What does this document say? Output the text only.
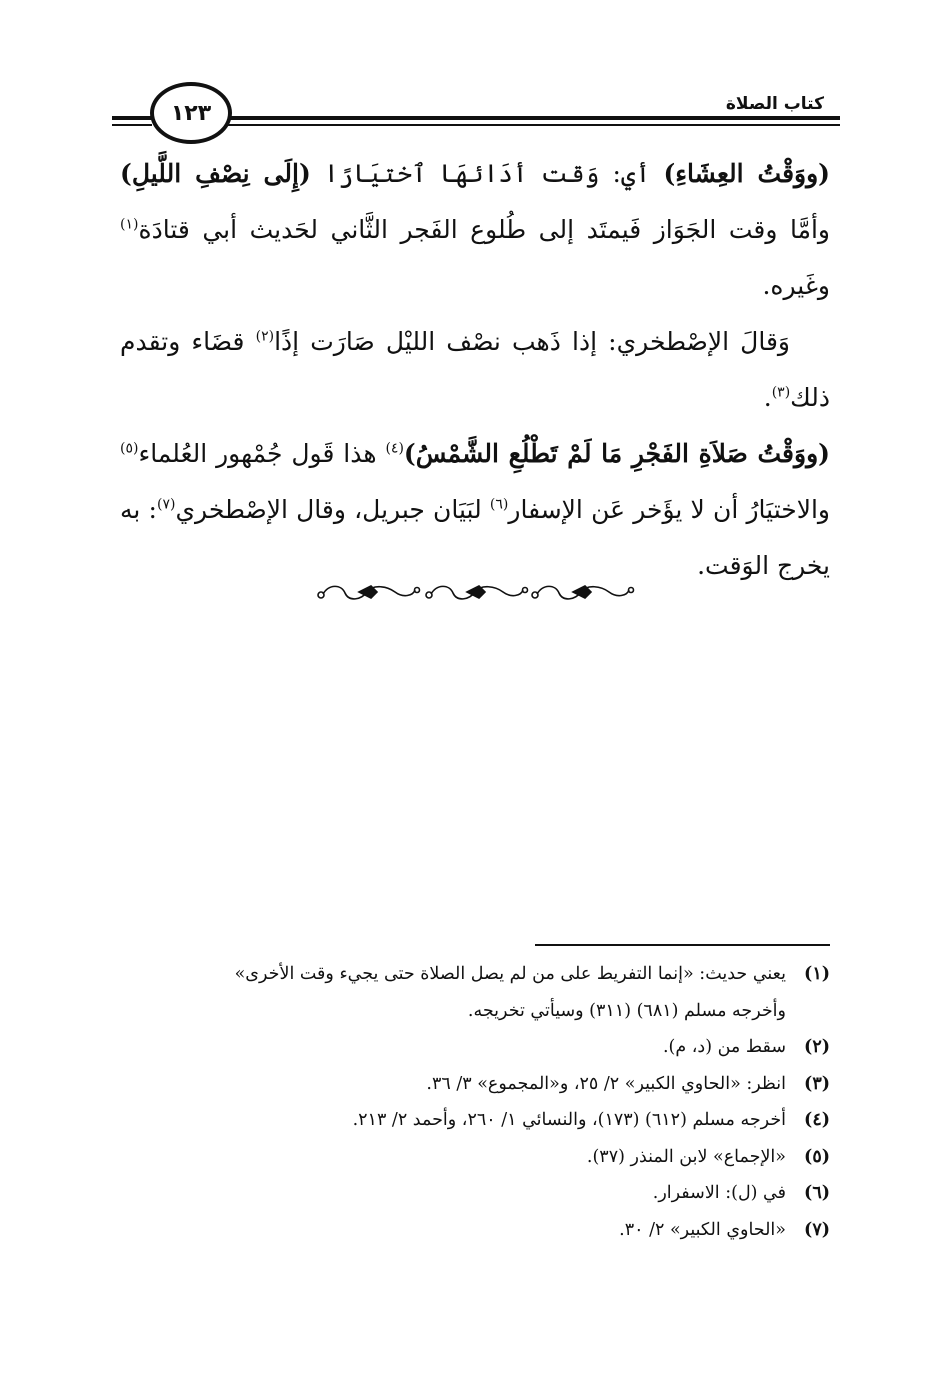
كتاب الصلاة
١٢٣

(ووَقْتُ العِشَاءِ) أي: وَقت أدَائهَا ٱختيَارًا (إِلَى نِصْفِ اللَّيلِ) وأمَّا وقت الجَوَاز فَيمتَد إلى طُلوع الفَجر الثَّاني لحَديث أبي قتادَة$^{(١)}$ وغَيره.

وَقالَ الإصْطخري: إذا ذَهب نصْف الليْل صَارَت إذًا$^{(٢)}$ قضَاء وتقدم ذلك$^{(٣)}$.

(ووَقْتُ صَلاَةِ الفَجْرِ مَا لَمْ تَطْلُعِ الشَّمْسُ)$^{(٤)}$ هذا قَول جُمْهور العُلماء$^{(٥)}$ والاختيَارُ أن لا يؤَخر عَن الإسفار$^{(٦)}$ لبَيَان جبريل، وقال الإصْطخري$^{(٧)}$: به يخرج الوَقت.

(١)
يعني حديث: «إنما التفريط على من لم يصل الصلاة حتى يجيء وقت الأخرى»
وأخرجه مسلم (٦٨١) (٣١١) وسيأتي تخريجه.
(٢)
سقط من (د، م).
(٣)
انظر: «الحاوي الكبير» ٢/ ٢٥، و«المجموع» ٣/ ٣٦.
(٤)
أخرجه مسلم (٦١٢) (١٧٣)، والنسائي ١/ ٢٦٠، وأحمد ٢/ ٢١٣.
(٥)
«الإجماع» لابن المنذر (٣٧).
(٦)
في (ل): الاسفرار.
(٧)
«الحاوي الكبير» ٢/ ٣٠.
